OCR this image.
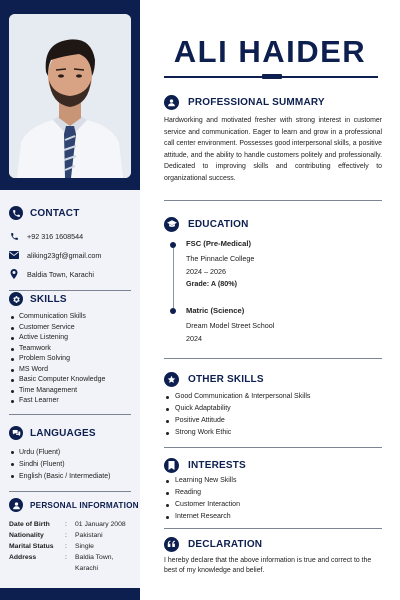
CONTACT
+92 316 1608544
aliking23gf@gmail.com
Baldia Town, Karachi
SKILLS
Communication Skills
Customer Service
Active Listening
Teamwork
Problem Solving
MS Word
Basic Computer Knowledge
Time Management
Fast Learner
LANGUAGES
Urdu (Fluent)
Sindhi (Fluent)
English (Basic / Intermediate)
PERSONAL INFORMATION
Date of Birth	:	01 January 2008
Nationality	:	Pakistani
Marital Status	:	Single
Address	:	Baldia Town, Karachi
ALI HAIDER
PROFESSIONAL SUMMARY
Hardworking and motivated fresher with strong interest in customer service and communication. Eager to learn and grow in a professional call center environment. Possesses good interpersonal skills, a positive attitude, and the ability to handle customers politely and professionally. Dedicated to improving skills and contributing effectively to organizational success.
EDUCATION
FSC (Pre-Medical)
The Pinnacle College
2024 – 2026
Grade: A (80%)
Matric (Science)
Dream Model Street School
2024
OTHER SKILLS
Good Communication & Interpersonal Skills
Quick Adaptability
Positive Attitude
Strong Work Ethic
INTERESTS
Learning New Skills
Reading
Customer Interaction
Internet Research
DECLARATION
I hereby declare that the above information is true and correct to the best of my knowledge and belief.
